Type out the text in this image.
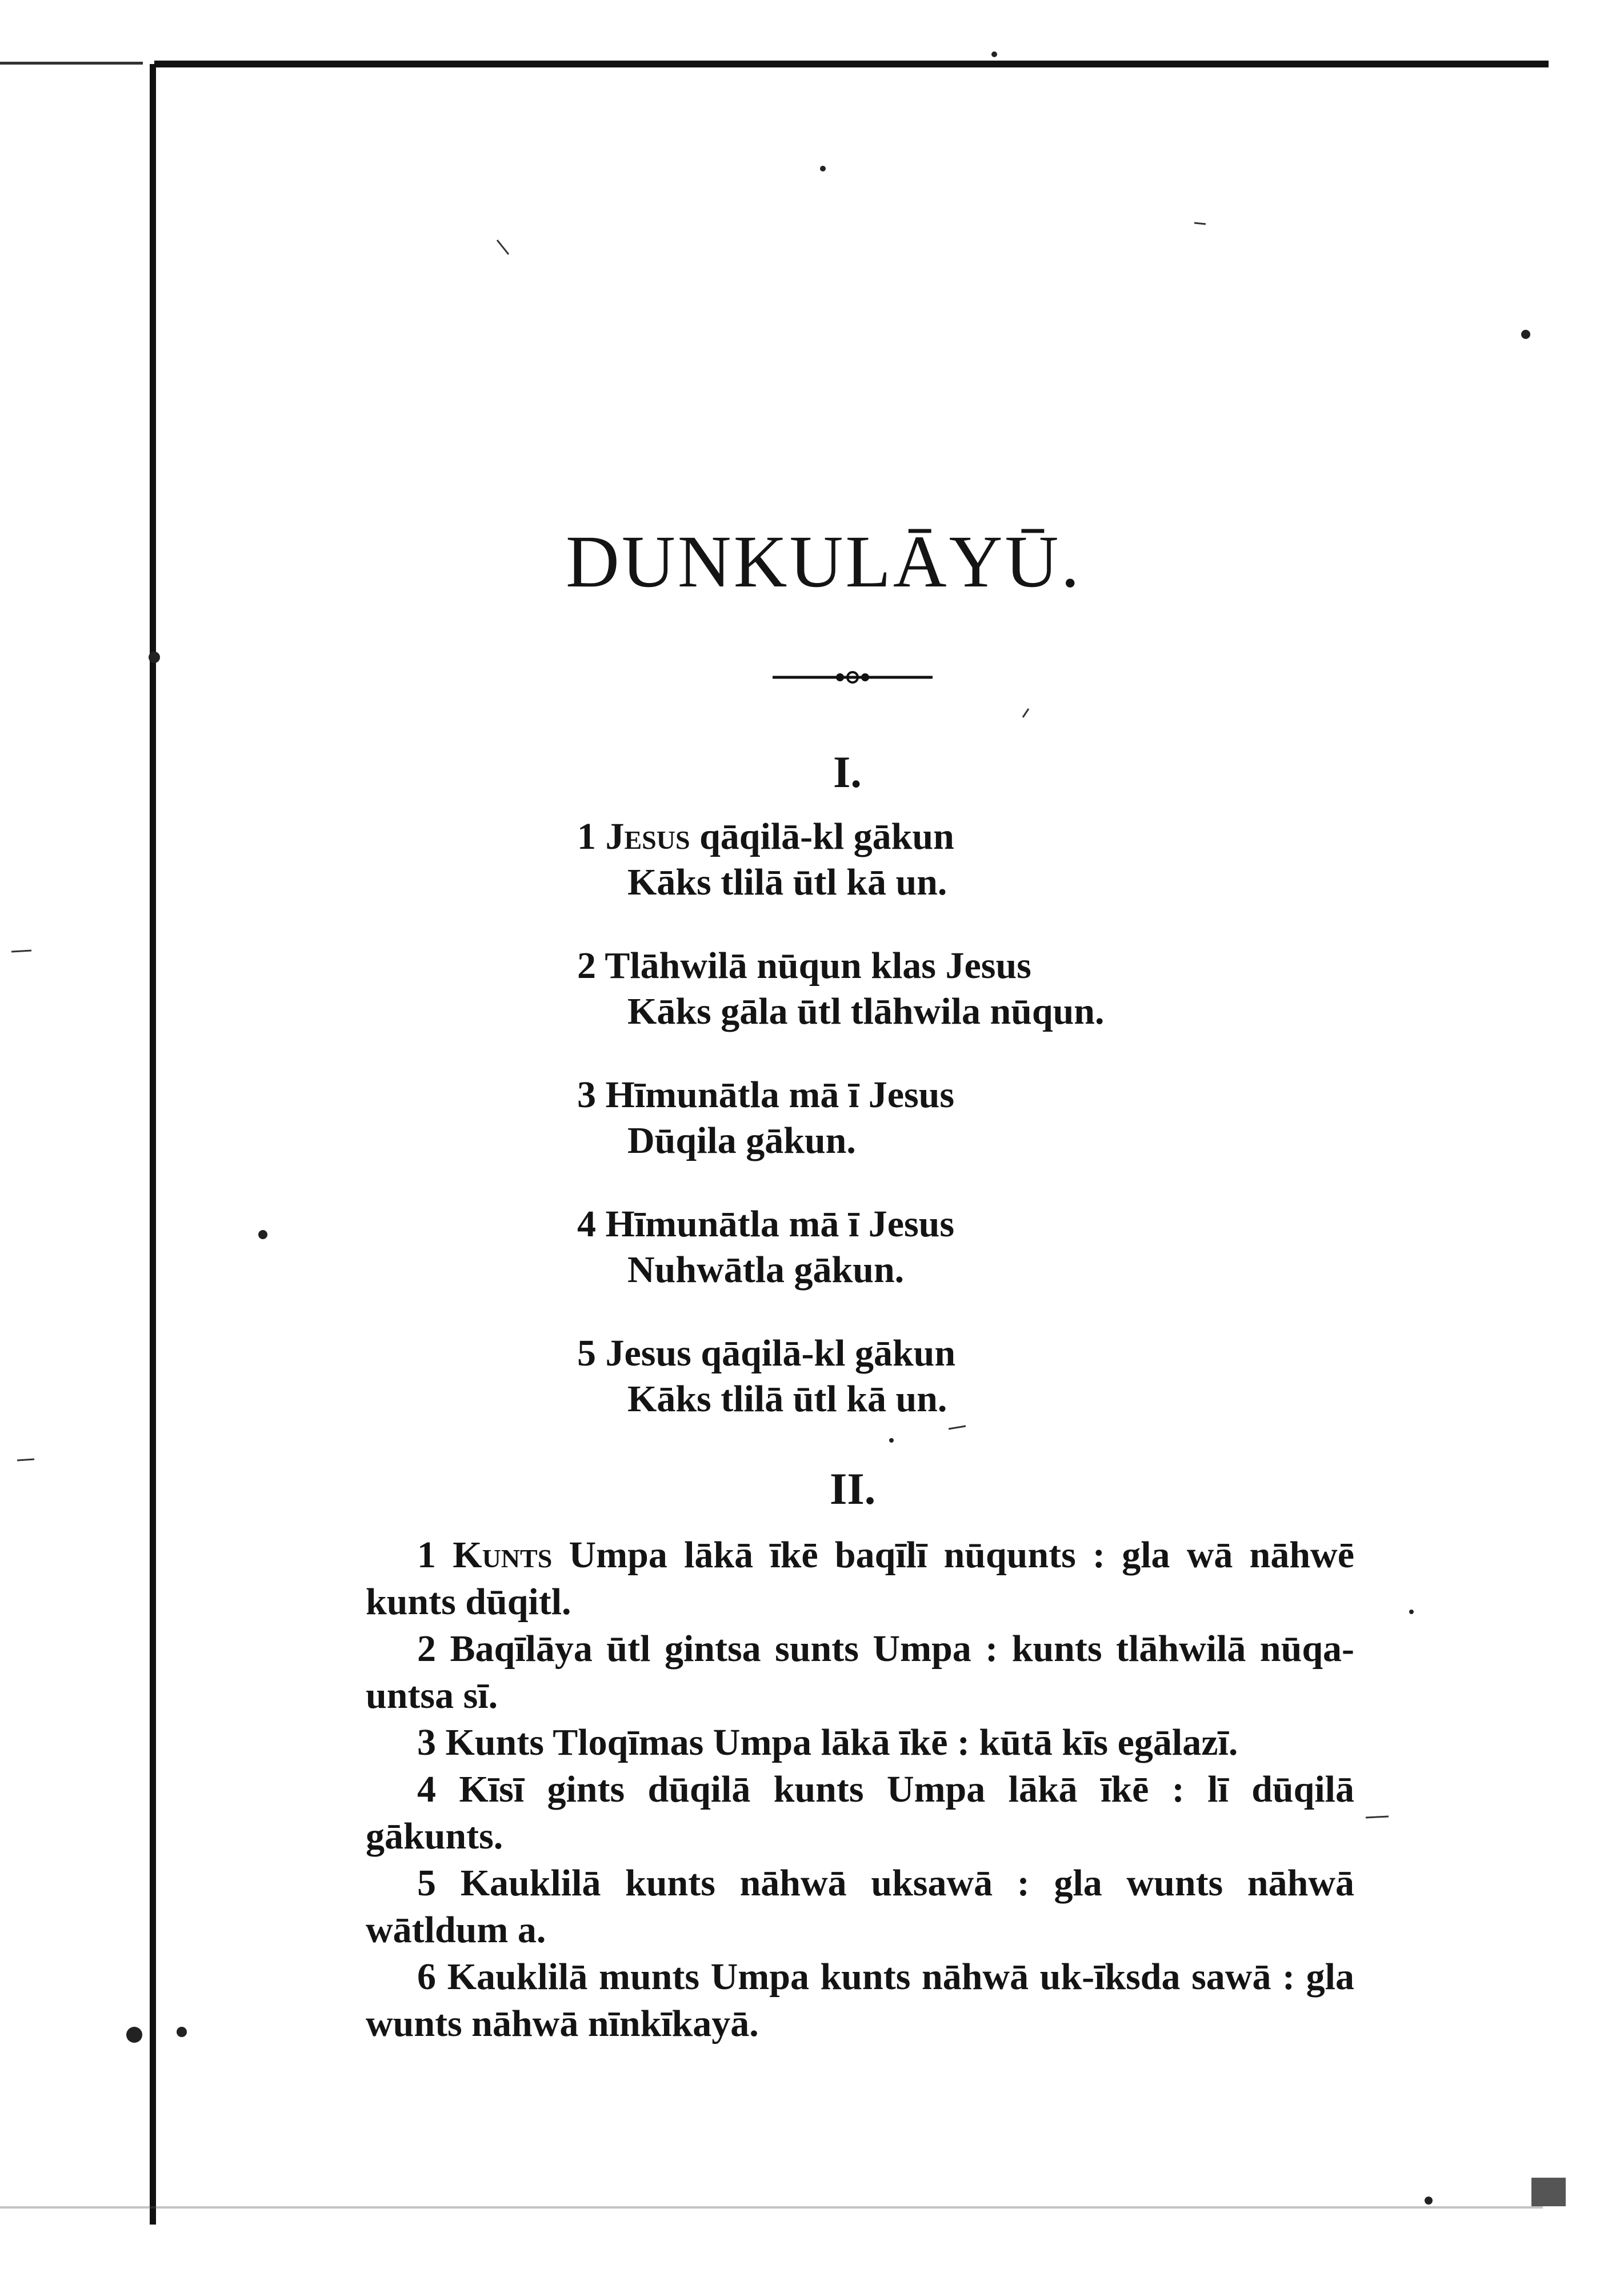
DUNKULĀYŪ.
I.
1 Jesus qāqilā-kl gākun
Kāks tlilā ūtl kā un.
2 Tlāhwilā nūqun klas Jesus
Kāks gāla ūtl tlāhwila nūqun.
3 Hīmunātla mā ī Jesus
Dūqila gākun.
4 Hīmunātla mā ī Jesus
Nuhwātla gākun.
5 Jesus qāqilā-kl gākun
Kāks tlilā ūtl kā un.
II.

1 Kunts Umpa lākā īkē baqīlī nūqunts : gla wā nāhwē kunts dūqitl.

2 Baqīlāya ūtl gintsa sunts Umpa : kunts tlāhwilā nūqa-untsa sī.

3 Kunts Tloqīmas Umpa lākā īkē : kūtā kīs egālazī.

4 Kīsī gints dūqilā kunts Umpa lākā īkē : lī dūqilā gākunts.

5 Kauklilā kunts nāhwā uksawā : gla wunts nāhwā wātldum a.

6 Kauklilā munts Umpa kunts nāhwā uk-īksda sawā : gla wunts nāhwā nīnkīkayā.
